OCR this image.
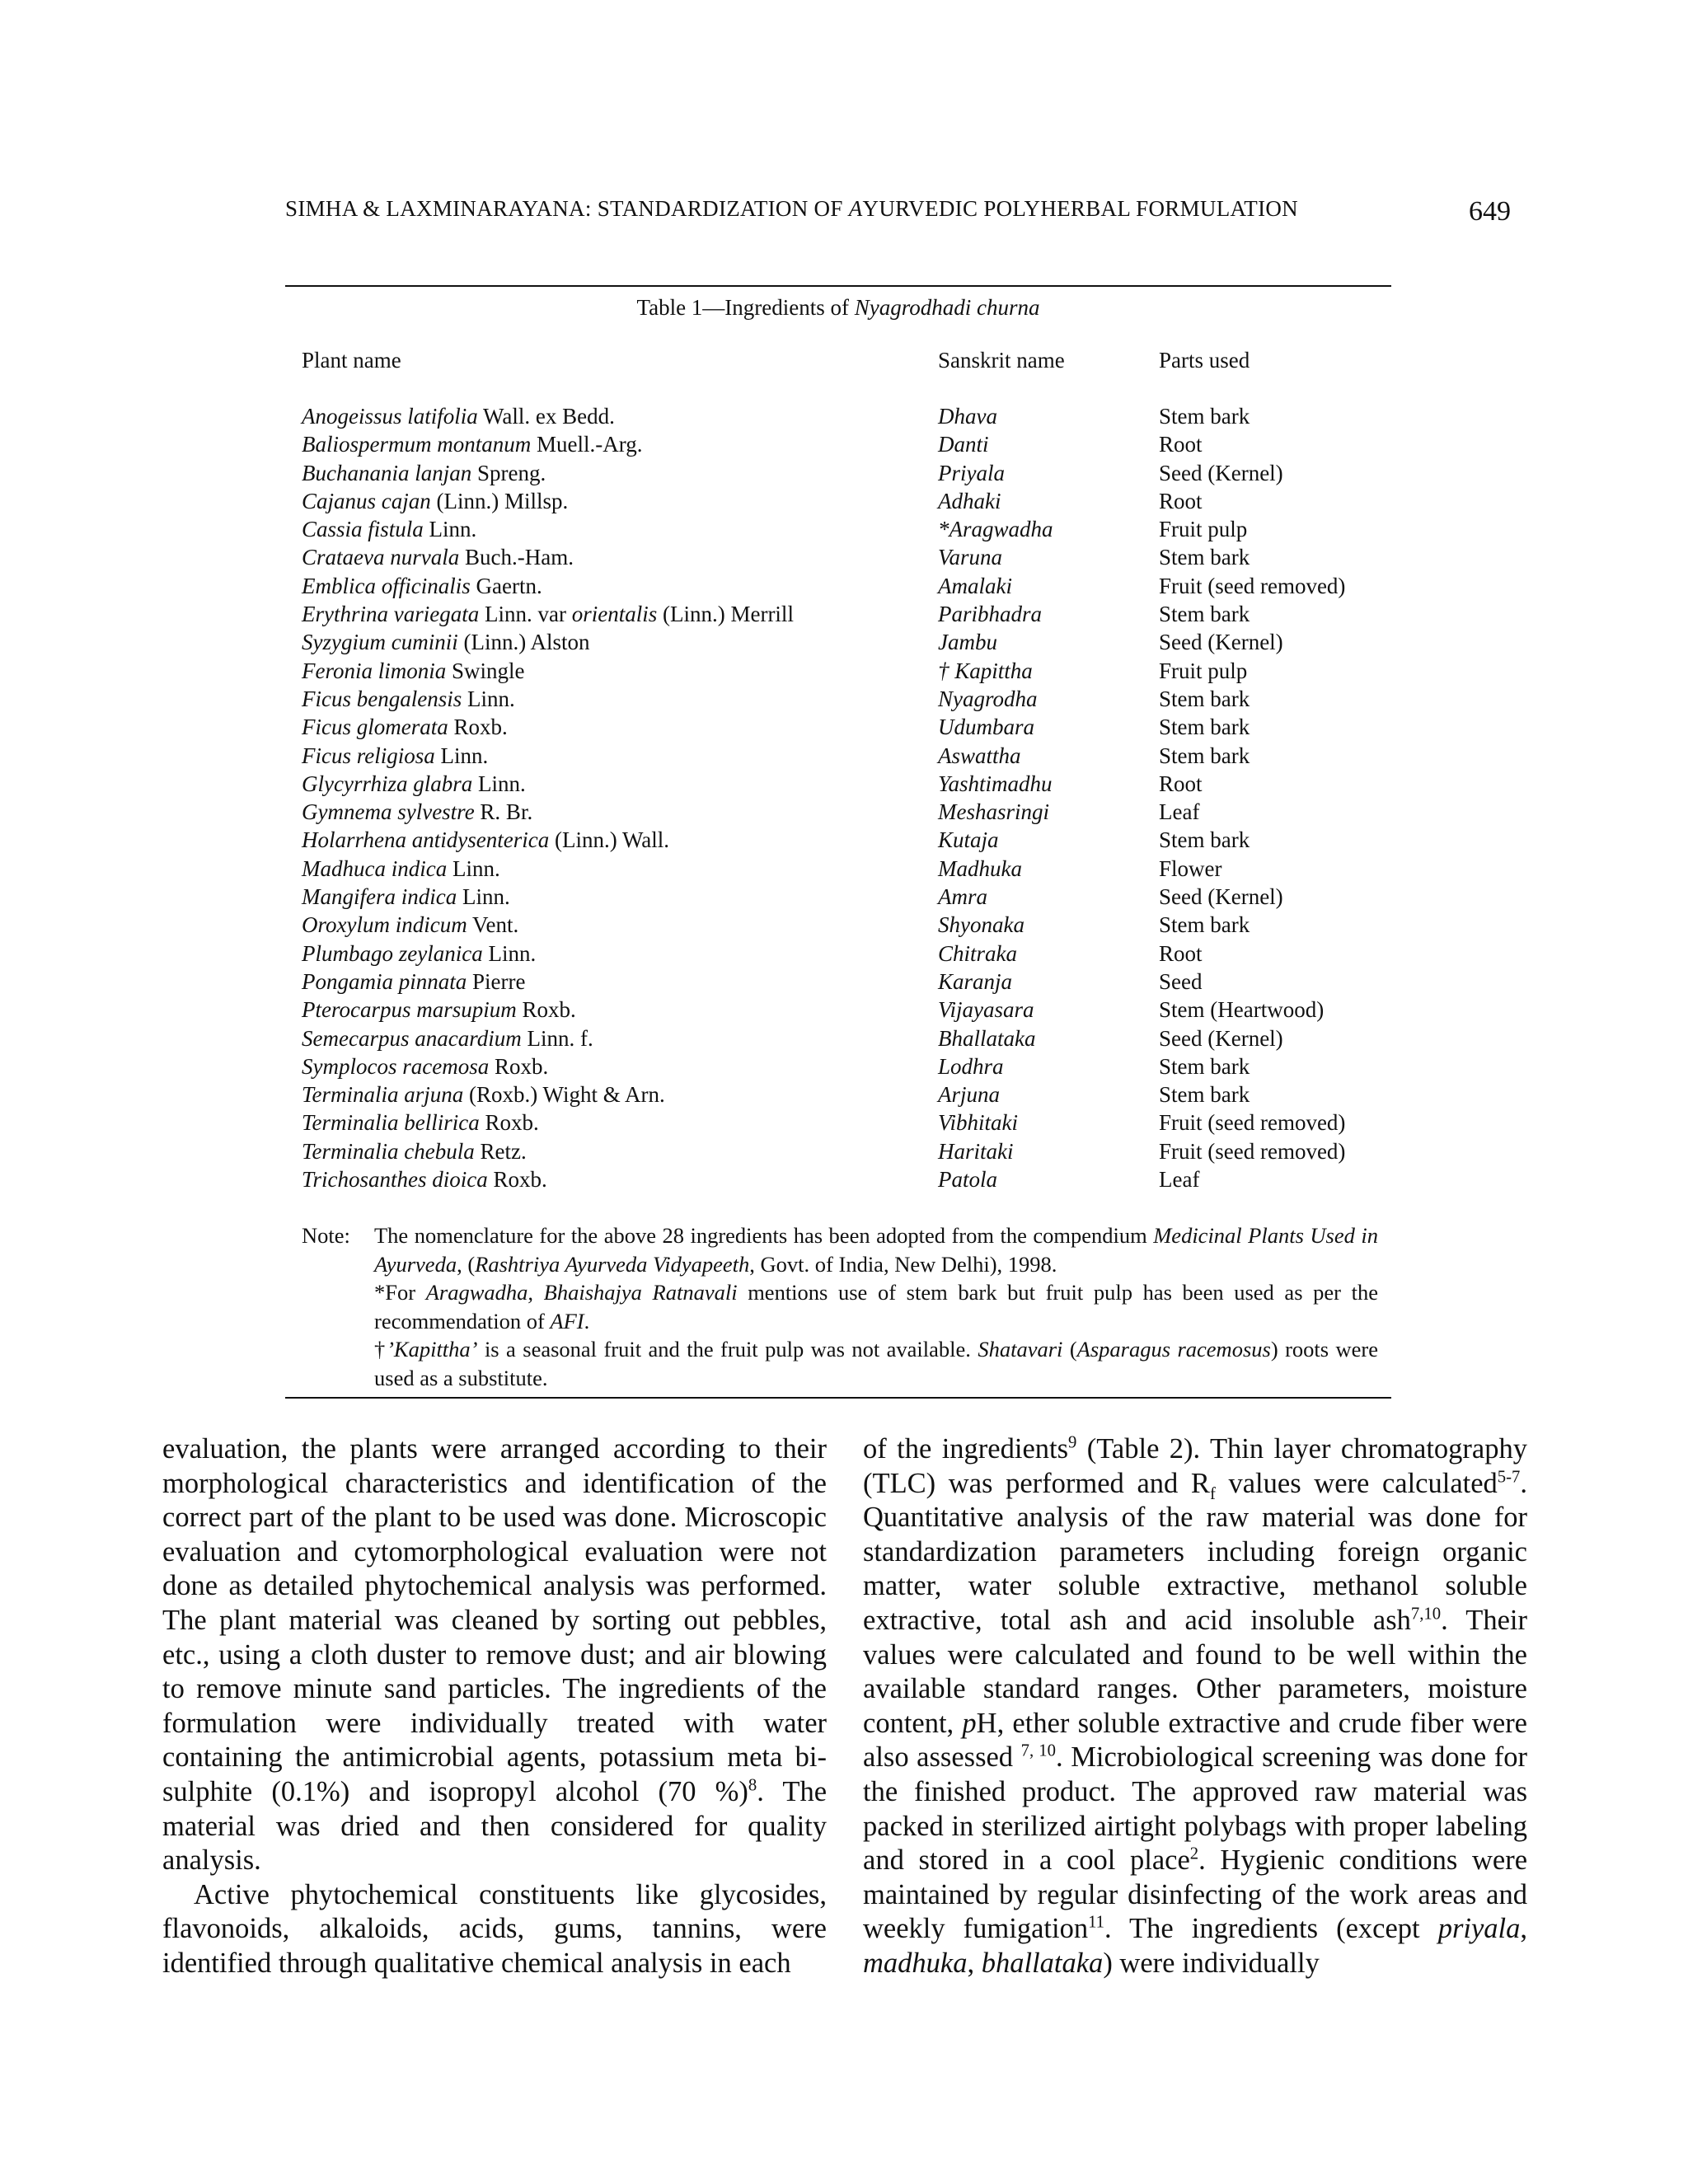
SIMHA & LAXMINARAYANA: STANDARDIZATION OF AYURVEDIC POLYHERBAL FORMULATION	649
Table 1—Ingredients of Nyagrodhadi churna
Plant name	Sanskrit name	Parts used
Anogeissus latifolia Wall. ex Bedd.	Dhava	Stem bark
Baliospermum montanum Muell.-Arg.	Danti	Root
Buchanania lanjan Spreng.	Priyala	Seed (Kernel)
Cajanus cajan (Linn.) Millsp.	Adhaki	Root
Cassia fistula Linn.	*Aragwadha	Fruit pulp
Crataeva nurvala Buch.-Ham.	Varuna	Stem bark
Emblica officinalis Gaertn.	Amalaki	Fruit (seed removed)
Erythrina variegata Linn. var orientalis (Linn.) Merrill	Paribhadra	Stem bark
Syzygium cuminii (Linn.) Alston	Jambu	Seed (Kernel)
Feronia limonia Swingle	† Kapittha	Fruit pulp
Ficus bengalensis Linn.	Nyagrodha	Stem bark
Ficus glomerata Roxb.	Udumbara	Stem bark
Ficus religiosa Linn.	Aswattha	Stem bark
Glycyrrhiza glabra Linn.	Yashtimadhu	Root
Gymnema sylvestre R. Br.	Meshasringi	Leaf
Holarrhena antidysenterica (Linn.) Wall.	Kutaja	Stem bark
Madhuca indica Linn.	Madhuka	Flower
Mangifera indica Linn.	Amra	Seed (Kernel)
Oroxylum indicum Vent.	Shyonaka	Stem bark
Plumbago zeylanica Linn.	Chitraka	Root
Pongamia pinnata Pierre	Karanja	Seed
Pterocarpus marsupium Roxb.	Vijayasara	Stem (Heartwood)
Semecarpus anacardium Linn. f.	Bhallataka	Seed (Kernel)
Symplocos racemosa Roxb.	Lodhra	Stem bark
Terminalia arjuna (Roxb.) Wight & Arn.	Arjuna	Stem bark
Terminalia bellirica Roxb.	Vibhitaki	Fruit (seed removed)
Terminalia chebula Retz.	Haritaki	Fruit (seed removed)
Trichosanthes dioica Roxb.	Patola	Leaf
Note: The nomenclature for the above 28 ingredients has been adopted from the compendium Medicinal Plants Used in Ayurveda, (Rashtriya Ayurveda Vidyapeeth, Govt. of India, New Delhi), 1998.

*For Aragwadha, Bhaishajya Ratnavali mentions use of stem bark but fruit pulp has been used as per the recommendation of AFI.

†’Kapittha’ is a seasonal fruit and the fruit pulp was not available. Shatavari (Asparagus racemosus) roots were used as a substitute.

evaluation, the plants were arranged according to their morphological characteristics and identification of the correct part of the plant to be used was done. Microscopic evaluation and cytomorphological evaluation were not done as detailed phytochemical analysis was performed. The plant material was cleaned by sorting out pebbles, etc., using a cloth duster to remove dust; and air blowing to remove minute sand particles. The ingredients of the formulation were individually treated with water containing the antimicrobial agents, potassium meta bi-sulphite (0.1%) and isopropyl alcohol (70 %)$^8$. The material was dried and then considered for quality analysis.

Active phytochemical constituents like glycosides, flavonoids, alkaloids, acids, gums, tannins, were identified through qualitative chemical analysis in each

of the ingredients$^9$ (Table 2). Thin layer chromatography (TLC) was performed and $R_f$ values were calculated$^{5-7}$. Quantitative analysis of the raw material was done for standardization parameters including foreign organic matter, water soluble extractive, methanol soluble extractive, total ash and acid insoluble ash$^{7,10}$. Their values were calculated and found to be well within the available standard ranges. Other parameters, moisture content, pH, ether soluble extractive and crude fiber were also assessed $^{7, 10}$. Microbiological screening was done for the finished product. The approved raw material was packed in sterilized airtight polybags with proper labeling and stored in a cool place$^2$. Hygienic conditions were maintained by regular disinfecting of the work areas and weekly fumigation$^{11}$. The ingredients (except priyala, madhuka, bhallataka) were individually
